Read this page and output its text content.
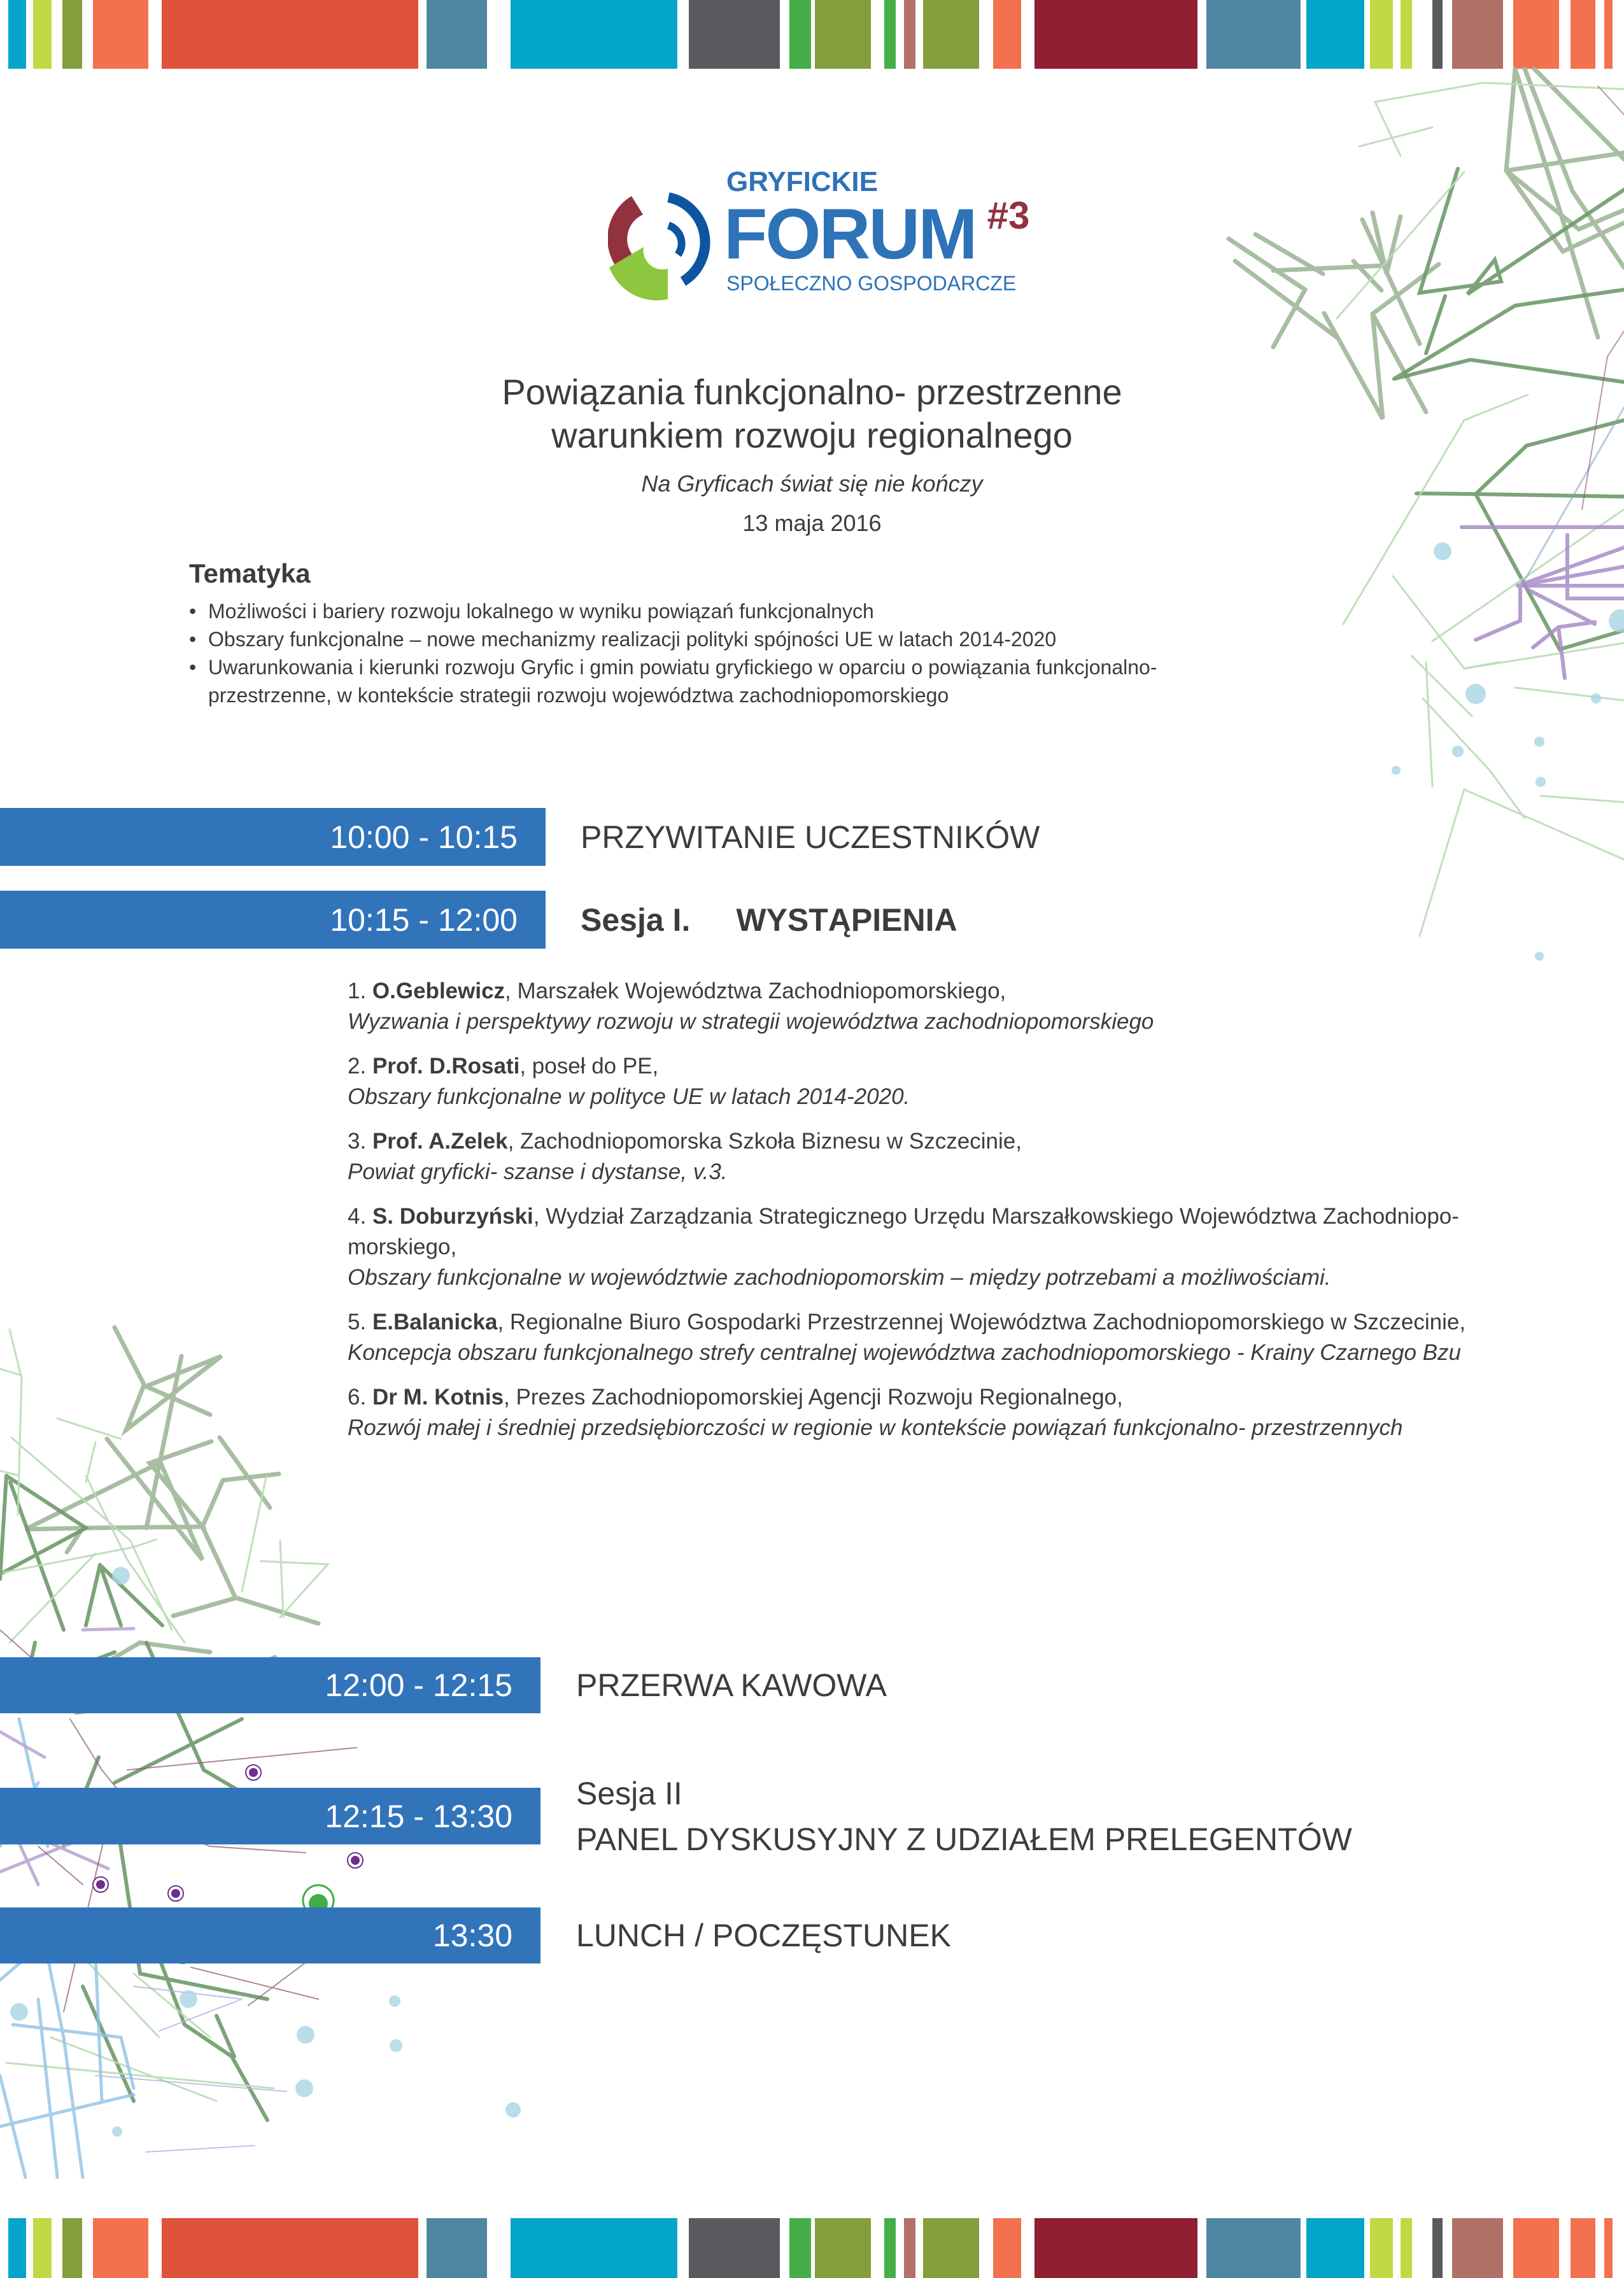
GRYFICKIE
FORUM #3
SPOŁECZNO GOSPODARCZE
Powiązania funkcjonalno- przestrzenne
warunkiem rozwoju regionalnego
Na Gryficach świat się nie kończy
13 maja 2016
Tematyka
• Możliwości i bariery rozwoju lokalnego w wyniku powiązań funkcjonalnych
• Obszary funkcjonalne – nowe mechanizmy realizacji polityki spójności UE w latach 2014-2020
• Uwarunkowania i kierunki rozwoju Gryfic i gmin powiatu gryfickiego w oparciu o powiązania funkcjonalno-przestrzenne, w kontekście strategii rozwoju województwa zachodniopomorskiego
10:00 - 10:15	PRZYWITANIE UCZESTNIKÓW
10:15 - 12:00	Sesja I. WYSTĄPIENIA
1. O.Geblewicz, Marszałek Województwa Zachodniopomorskiego,
Wyzwania i perspektywy rozwoju w strategii województwa zachodniopomorskiego
2. Prof. D.Rosati, poseł do PE,
Obszary funkcjonalne w polityce UE w latach 2014-2020.
3. Prof. A.Zelek, Zachodniopomorska Szkoła Biznesu w Szczecinie,
Powiat gryficki- szanse i dystanse, v.3.
4. S. Doburzyński, Wydział Zarządzania Strategicznego Urzędu Marszałkowskiego Województwa Zachodniopo-morskiego,
Obszary funkcjonalne w województwie zachodniopomorskim – między potrzebami a możliwościami.
5. E.Balanicka, Regionalne Biuro Gospodarki Przestrzennej Województwa Zachodniopomorskiego w Szczecinie,
Koncepcja obszaru funkcjonalnego strefy centralnej województwa zachodniopomorskiego - Krainy Czarnego Bzu
6. Dr M. Kotnis, Prezes Zachodniopomorskiej Agencji Rozwoju Regionalnego,
Rozwój małej i średniej przedsiębiorczości w regionie w kontekście powiązań funkcjonalno- przestrzennych
12:00 - 12:15	PRZERWA KAWOWA
12:15 - 13:30
Sesja II
PANEL DYSKUSYJNY Z UDZIAŁEM PRELEGENTÓW
13:30	LUNCH / POCZĘSTUNEK
